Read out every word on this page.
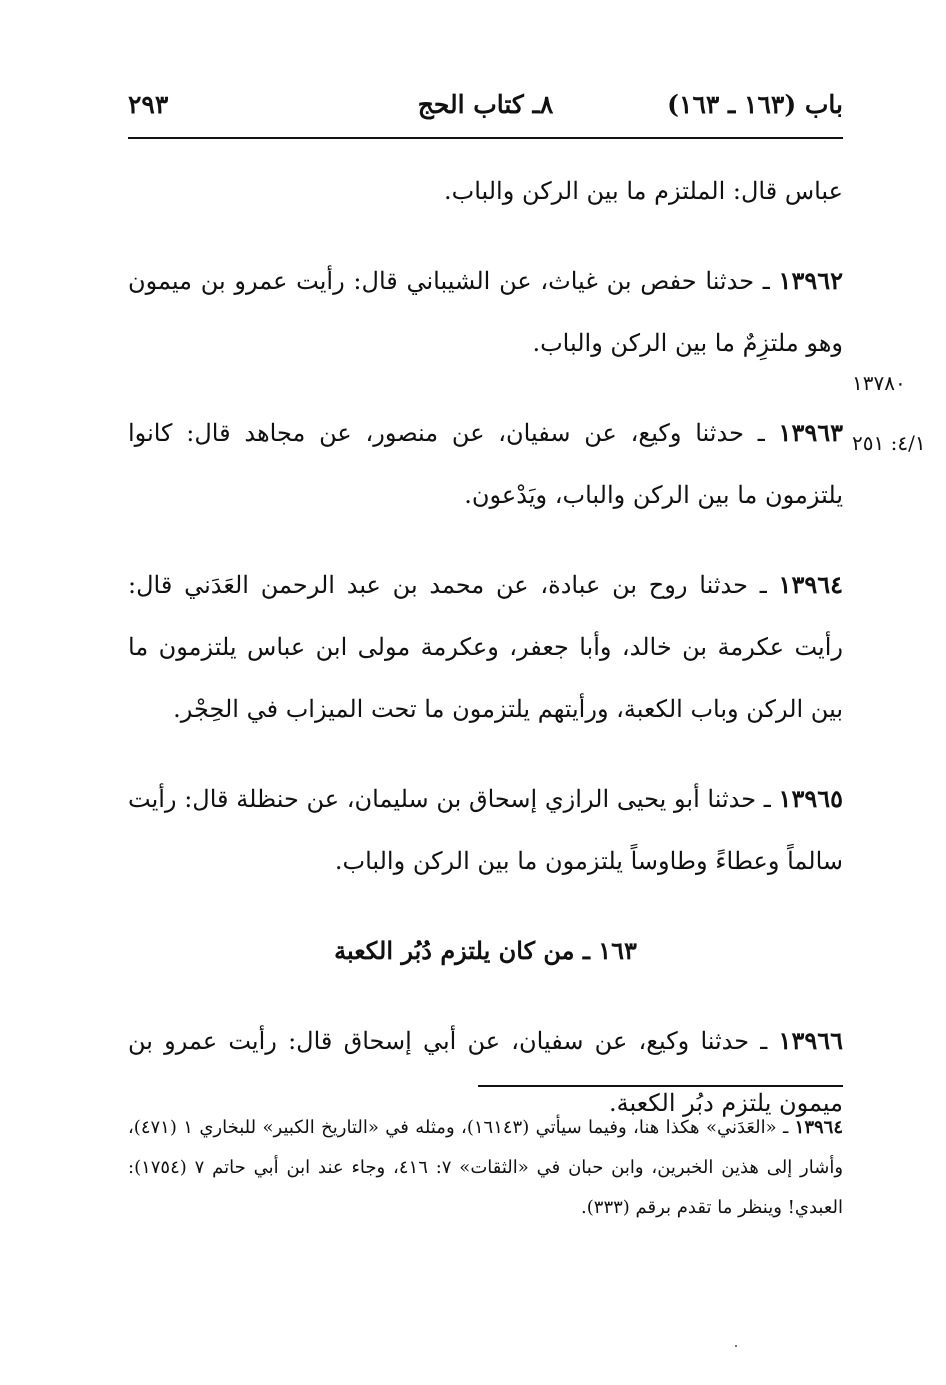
باب (١٦٣ ـ ١٦٣)
٨ـ كتاب الحج
٢٩٣

عباس قال: الملتزم ما بين الركن والباب.

١٣٩٦٢ ـ حدثنا حفص بن غياث، عن الشيباني قال: رأيت عمرو بن ميمون وهو ملتزِمٌ ما بين الركن والباب.

١٣٩٦٣ ـ حدثنا وكيع، عن سفيان، عن منصور، عن مجاهد قال: كانوا يلتزمون ما بين الركن والباب، ويَدْعون.

١٣٩٦٤ ـ حدثنا روح بن عبادة، عن محمد بن عبد الرحمن العَدَني قال: رأيت عكرمة بن خالد، وأبا جعفر، وعكرمة مولى ابن عباس يلتزمون ما بين الركن وباب الكعبة، ورأيتهم يلتزمون ما تحت الميزاب في الحِجْر.

١٣٩٦٥ ـ حدثنا أبو يحيى الرازي إسحاق بن سليمان، عن حنظلة قال: رأيت سالماً وعطاءً وطاوساً يلتزمون ما بين الركن والباب.

١٦٣ ـ من كان يلتزم دُبُر الكعبة

١٣٩٦٦ ـ حدثنا وكيع، عن سفيان، عن أبي إسحاق قال: رأيت عمرو بن ميمون يلتزم دبُر الكعبة.

١٣٧٨٠
٤/١: ٢٥١
١٣٩٦٤ ـ «العَدَني» هكذا هنا، وفيما سيأتي (١٦١٤٣)، ومثله في «التاريخ الكبير» للبخاري ١ (٤٧١)، وأشار إلى هذين الخبرين، وابن حبان في «الثقات» ٧: ٤١٦، وجاء عند ابن أبي حاتم ٧ (١٧٥٤): العبدي! وينظر ما تقدم برقم (٣٣٣).
